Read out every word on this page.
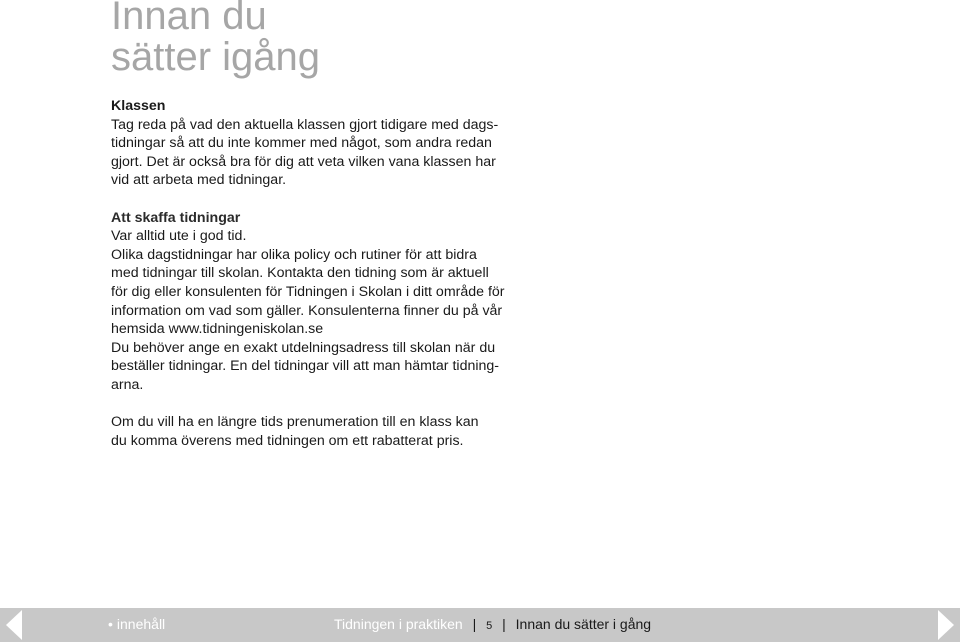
Innan du
sätter igång

Klassen
Tag reda på vad den aktuella klassen gjort tidigare med dags-
tidningar så att du inte kommer med något, som andra redan
gjort. Det är också bra för dig att veta vilken vana klassen har
vid att arbeta med tidningar.

Att skaffa tidningar
Var alltid ute i god tid.
Olika dagstidningar har olika policy och rutiner för att bidra
med tidningar till skolan. Kontakta den tidning som är aktuell
för dig eller konsulenten för Tidningen i Skolan i ditt område för
information om vad som gäller. Konsulenterna finner du på vår
hemsida www.tidningeniskolan.se
Du behöver ange en exakt utdelningsadress till skolan när du
beställer tidningar. En del tidningar vill att man hämtar tidning-
arna.

Om du vill ha en längre tids prenumeration till en klass kan
du komma överens med tidningen om ett rabatterat pris.

• innehåll	Tidningen i praktiken | 5 | Innan du sätter i gång
